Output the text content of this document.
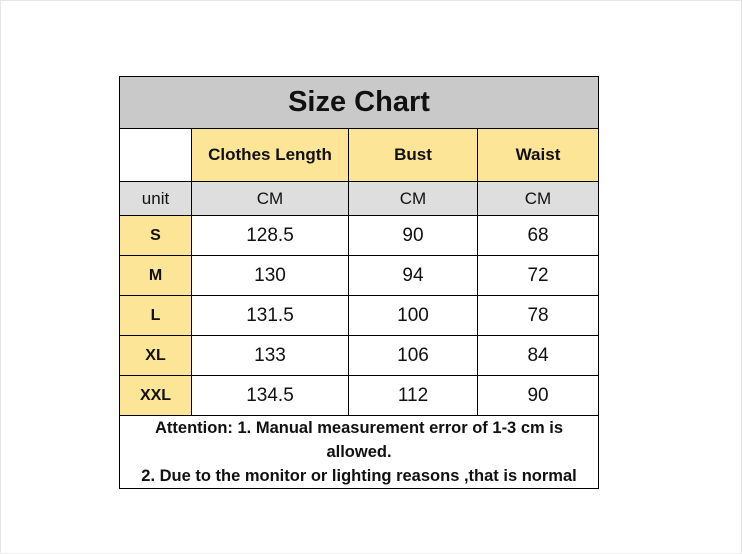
Size Chart			
	Clothes Length	Bust	Waist
unit	CM	CM	CM
S	128.5	90	68
M	130	94	72
L	131.5	100	78
XL	133	106	84
XXL	134.5	112	90

Attention: 1. Manual measurement error of 1-3 cm is
allowed.
2. Due to the monitor or lighting reasons ,that is normal			
